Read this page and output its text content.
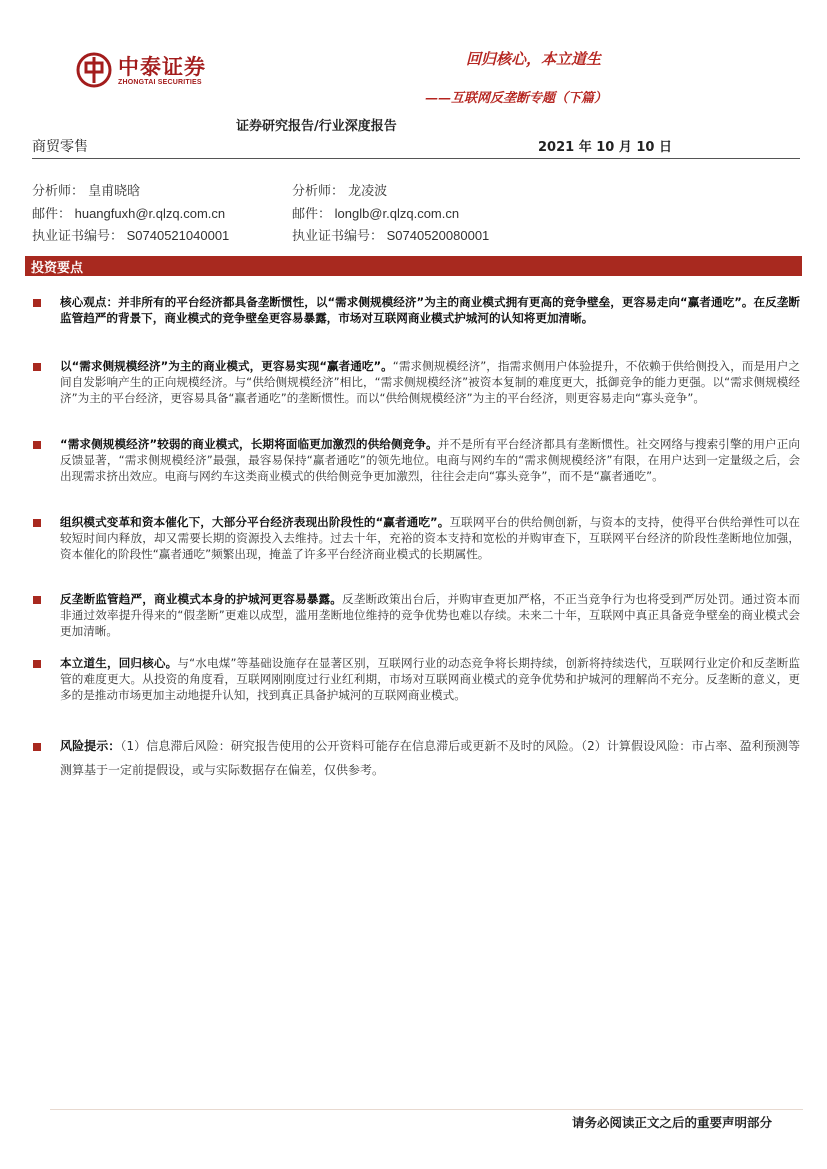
中泰证券
ZHONGTAI SECURITIES
回归核心，本立道生
——互联网反垄断专题（下篇）
证券研究报告/行业深度报告
商贸零售	2021 年 10 月 10 日
分析师： 皇甫晓晗
邮件： huangfuxh@r.qlzq.com.cn
执业证书编号： S0740521040001
分析师： 龙凌波
邮件： longlb@r.qlzq.com.cn
执业证书编号： S0740520080001
投资要点
核心观点：并非所有的平台经济都具备垄断惯性，以“需求侧规模经济”为主的商业模式拥有更高的竞争壁垒，更容易走向“赢者通吃”。在反垄断监管趋严的背景下，商业模式的竞争壁垒更容易暴露，市场对互联网商业模式护城河的认知将更加清晰。
以“需求侧规模经济”为主的商业模式，更容易实现“赢者通吃”。“需求侧规模经济”，指需求侧用户体验提升，不依赖于供给侧投入，而是用户之间自发影响产生的正向规模经济。与“供给侧规模经济”相比，“需求侧规模经济”被资本复制的难度更大，抵御竞争的能力更强。以“需求侧规模经济”为主的平台经济，更容易具备“赢者通吃”的垄断惯性。而以“供给侧规模经济”为主的平台经济，则更容易走向“寡头竞争”。
“需求侧规模经济”较弱的商业模式，长期将面临更加激烈的供给侧竞争。并不是所有平台经济都具有垄断惯性。社交网络与搜索引擎的用户正向反馈显著，“需求侧规模经济”最强，最容易保持“赢者通吃”的领先地位。电商与网约车的“需求侧规模经济”有限，在用户达到一定量级之后，会出现需求挤出效应。电商与网约车这类商业模式的供给侧竞争更加激烈，往往会走向“寡头竞争”，而不是“赢者通吃”。
组织模式变革和资本催化下，大部分平台经济表现出阶段性的“赢者通吃”。互联网平台的供给侧创新，与资本的支持，使得平台供给弹性可以在较短时间内释放，却又需要长期的资源投入去维持。过去十年，充裕的资本支持和宽松的并购审查下，互联网平台经济的阶段性垄断地位加强，资本催化的阶段性“赢者通吃”频繁出现，掩盖了许多平台经济商业模式的长期属性。
反垄断监管趋严，商业模式本身的护城河更容易暴露。反垄断政策出台后，并购审查更加严格，不正当竞争行为也将受到严厉处罚。通过资本而非通过效率提升得来的“假垄断”更难以成型，滥用垄断地位维持的竞争优势也难以存续。未来二十年，互联网中真正具备竞争壁垒的商业模式会更加清晰。
本立道生，回归核心。与“水电煤”等基础设施存在显著区别，互联网行业的动态竞争将长期持续，创新将持续迭代，互联网行业定价和反垄断监管的难度更大。从投资的角度看，互联网刚刚度过行业红利期，市场对互联网商业模式的竞争优势和护城河的理解尚不充分。反垄断的意义，更多的是推动市场更加主动地提升认知，找到真正具备护城河的互联网商业模式。
风险提示：（1）信息滞后风险：研究报告使用的公开资料可能存在信息滞后或更新不及时的风险。（2）计算假设风险：市占率、盈利预测等测算基于一定前提假设，或与实际数据存在偏差，仅供参考。
请务必阅读正文之后的重要声明部分
